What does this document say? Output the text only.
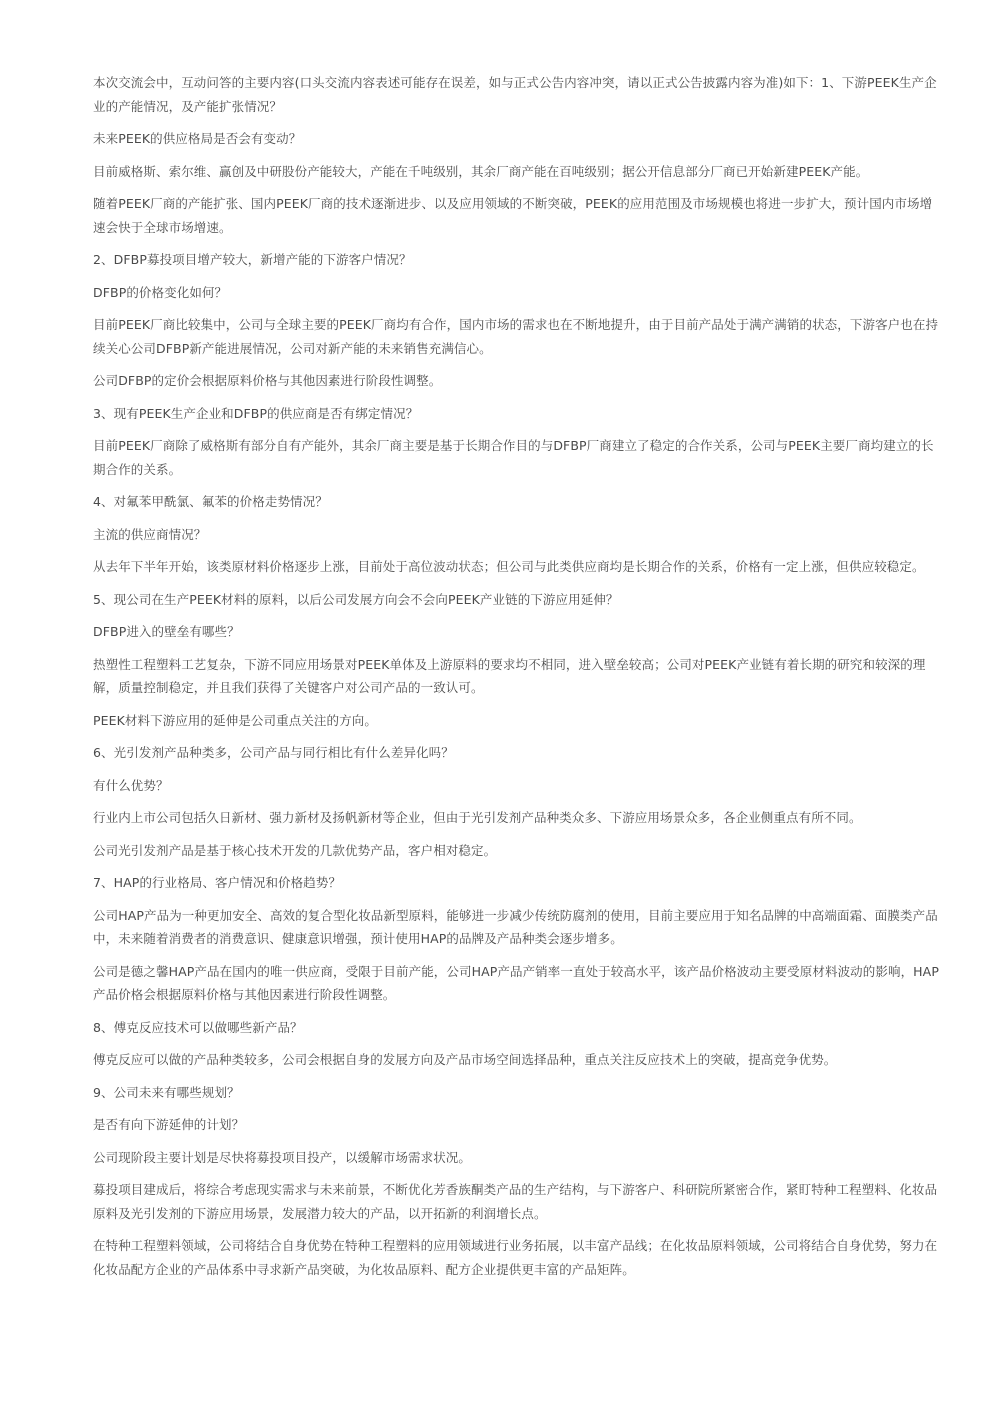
本次交流会中，互动问答的主要内容(口头交流内容表述可能存在误差，如与正式公告内容冲突，请以正式公告披露内容为准)如下：1、下游PEEK生产企业的产能情况，及产能扩张情况？

未来PEEK的供应格局是否会有变动？

目前威格斯、索尔维、赢创及中研股份产能较大，产能在千吨级别，其余厂商产能在百吨级别；据公开信息部分厂商已开始新建PEEK产能。

随着PEEK厂商的产能扩张、国内PEEK厂商的技术逐渐进步、以及应用领域的不断突破，PEEK的应用范围及市场规模也将进一步扩大，预计国内市场增速会快于全球市场增速。

2、DFBP募投项目增产较大，新增产能的下游客户情况？

DFBP的价格变化如何？

目前PEEK厂商比较集中，公司与全球主要的PEEK厂商均有合作，国内市场的需求也在不断地提升，由于目前产品处于满产满销的状态，下游客户也在持续关心公司DFBP新产能进展情况，公司对新产能的未来销售充满信心。

公司DFBP的定价会根据原料价格与其他因素进行阶段性调整。

3、现有PEEK生产企业和DFBP的供应商是否有绑定情况？

目前PEEK厂商除了威格斯有部分自有产能外，其余厂商主要是基于长期合作目的与DFBP厂商建立了稳定的合作关系，公司与PEEK主要厂商均建立的长期合作的关系。

4、对氟苯甲酰氯、氟苯的价格走势情况？

主流的供应商情况？

从去年下半年开始，该类原材料价格逐步上涨，目前处于高位波动状态；但公司与此类供应商均是长期合作的关系，价格有一定上涨，但供应较稳定。

5、现公司在生产PEEK材料的原料，以后公司发展方向会不会向PEEK产业链的下游应用延伸？

DFBP进入的壁垒有哪些？

热塑性工程塑料工艺复杂，下游不同应用场景对PEEK单体及上游原料的要求均不相同，进入壁垒较高；公司对PEEK产业链有着长期的研究和较深的理解，质量控制稳定，并且我们获得了关键客户对公司产品的一致认可。

PEEK材料下游应用的延伸是公司重点关注的方向。

6、光引发剂产品种类多，公司产品与同行相比有什么差异化吗？

有什么优势？

行业内上市公司包括久日新材、强力新材及扬帆新材等企业，但由于光引发剂产品种类众多、下游应用场景众多，各企业侧重点有所不同。

公司光引发剂产品是基于核心技术开发的几款优势产品，客户相对稳定。

7、HAP的行业格局、客户情况和价格趋势？

公司HAP产品为一种更加安全、高效的复合型化妆品新型原料，能够进一步减少传统防腐剂的使用，目前主要应用于知名品牌的中高端面霜、面膜类产品中，未来随着消费者的消费意识、健康意识增强，预计使用HAP的品牌及产品种类会逐步增多。

公司是德之馨HAP产品在国内的唯一供应商，受限于目前产能，公司HAP产品产销率一直处于较高水平，该产品价格波动主要受原材料波动的影响，HAP产品价格会根据原料价格与其他因素进行阶段性调整。

8、傅克反应技术可以做哪些新产品？

傅克反应可以做的产品种类较多，公司会根据自身的发展方向及产品市场空间选择品种，重点关注反应技术上的突破，提高竞争优势。

9、公司未来有哪些规划？

是否有向下游延伸的计划？

公司现阶段主要计划是尽快将募投项目投产，以缓解市场需求状况。

募投项目建成后，将综合考虑现实需求与未来前景，不断优化芳香族酮类产品的生产结构，与下游客户、科研院所紧密合作，紧盯特种工程塑料、化妆品原料及光引发剂的下游应用场景，发展潜力较大的产品，以开拓新的利润增长点。

在特种工程塑料领域，公司将结合自身优势在特种工程塑料的应用领域进行业务拓展，以丰富产品线；在化妆品原料领域，公司将结合自身优势，努力在化妆品配方企业的产品体系中寻求新产品突破，为化妆品原料、配方企业提供更丰富的产品矩阵。
